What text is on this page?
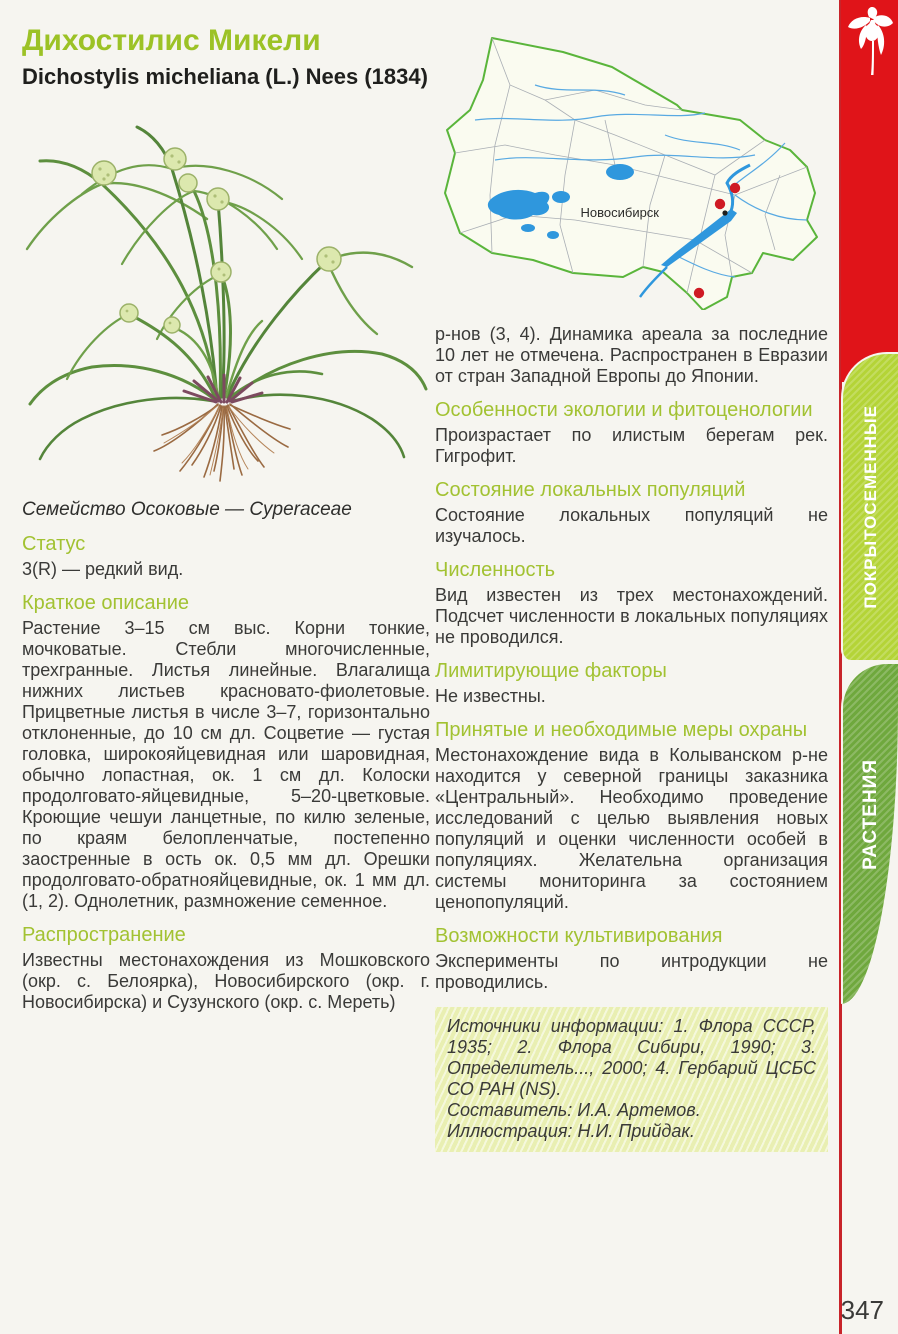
Дихостилис Микели
Dichostylis micheliana (L.) Nees (1834)
Семейство Осоковые — Cyperaceae
Статус

3(R) — редкий вид.

Краткое описание

Растение 3–15 см выс. Корни тонкие, мочковатые. Стебли многочисленные, трехгранные. Листья линейные. Влагалища нижних листьев красновато-фиолетовые. Прицветные листья в числе 3–7, горизонтально отклоненные, до 10 см дл. Соцветие — густая головка, широкояйцевидная или шаровидная, обычно лопастная, ок. 1 см дл. Колоски продолговато-яйцевидные, 5–20-цветковые. Кроющие чешуи ланцетные, по килю зеленые, по краям белопленчатые, постепенно заостренные в ость ок. 0,5 мм дл. Орешки продолговато-обратнояйцевидные, ок. 1 мм дл. (1, 2). Однолетник, размножение семенное.

Распространение

Известны местонахождения из Мошковского (окр. с. Белоярка), Новосибирского (окр. г. Новосибирска) и Сузунского (окр. с. Мереть)

Новосибирск

р-нов (3, 4). Динамика ареала за последние 10 лет не отмечена. Распространен в Евразии от стран Западной Европы до Японии.

Особенности экологии и фитоценологии

Произрастает по илистым берегам рек. Гигрофит.

Состояние локальных популяций

Состояние локальных популяций не изучалось.

Численность

Вид известен из трех местонахождений. Подсчет численности в локальных популяциях не проводился.

Лимитирующие факторы

Не известны.

Принятые и необходимые меры охраны

Местонахождение вида в Колыванском р-не находится у северной границы заказника «Центральный». Необходимо проведение исследований с целью выявления новых популяций и оценки численности особей в популяциях. Желательна организация системы мониторинга за состоянием ценопопуляций.

Возможности культивирования

Эксперименты по интродукции не проводились.

Источники информации: 1. Флора СССР, 1935; 2. Флора Сибири, 1990; 3. Определитель..., 2000; 4. Гербарий ЦСБС СО РАН (NS).

Составитель: И.А. Артемов.

Иллюстрация: Н.И. Прийдак.

ПОКРЫТОСЕМЕННЫЕ
РАСТЕНИЯ
347
